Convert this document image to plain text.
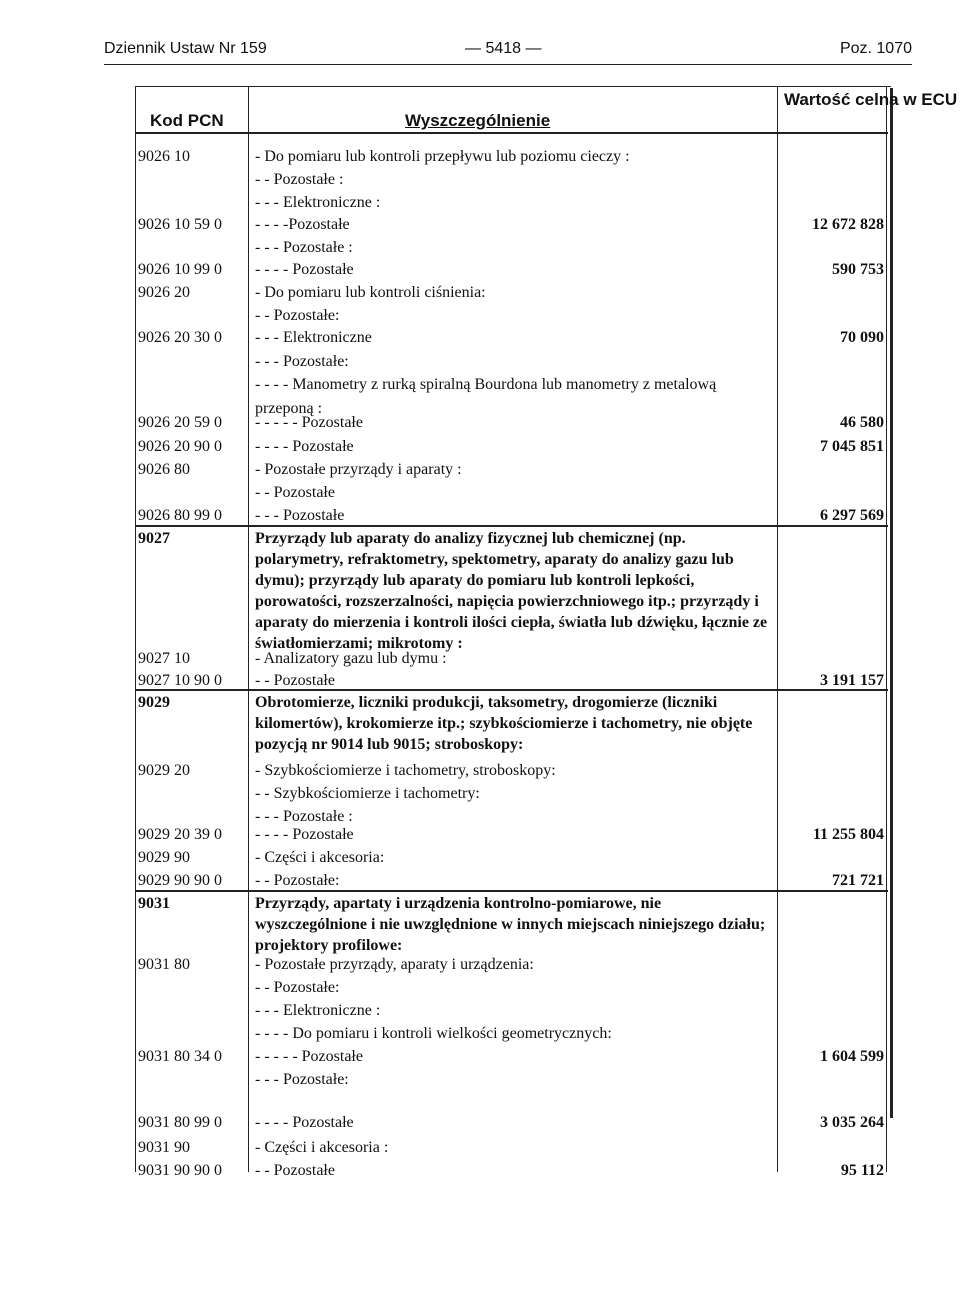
Dziennik Ustaw Nr 159	— 5418 —	Poz. 1070
Kod PCN	Wyszczególnienie
Wartość celna w ECU
9026 10	- Do pomiaru lub kontroli przepływu lub poziomu cieczy :
- - Pozostałe :
- - - Elektroniczne :
9026 10 59 0 - - - -Pozostałe	12 672 828
- - - Pozostałe :
9026 10 99 0 - - - - Pozostałe	590 753
9026 20	- Do pomiaru lub kontroli ciśnienia:
- - Pozostałe:
9026 20 30 0 - - - Elektroniczne	70 090
- - - Pozostałe:
- - - - Manometry z rurką spiralną Bourdona lub manometry z metalową
przeponą :
9026 20 59 0 - - - - - Pozostałe	46 580
9026 20 90 0 - - - - Pozostałe	7 045 851
9026 80	- Pozostałe przyrządy i aparaty :
- - Pozostałe
9026 80 99 0 - - - Pozostałe	6 297 569
9027	Przyrządy lub aparaty do analizy fizycznej lub chemicznej (np. polarymetry, refraktometry, spektometry, aparaty do analizy gazu lub dymu); przyrządy lub aparaty do pomiaru lub kontroli lepkości, porowatości, rozszerzalności, napięcia powierzchniowego itp.; przyrządy i aparaty do mierzenia i kontroli ilości ciepła, światła lub dźwięku, łącznie ze światłomierzami; mikrotomy :
9027 10	- Analizatory gazu lub dymu :
9027 10 90 0 - - Pozostałe	3 191 157
9029	Obrotomierze, liczniki produkcji, taksometry, drogomierze (liczniki kilomertów), krokomierze itp.; szybkościomierze i tachometry, nie objęte pozycją nr 9014 lub 9015; stroboskopy:
9029 20	- Szybkościomierze i tachometry, stroboskopy:
- - Szybkościomierze i tachometry:
- - - Pozostałe :
9029 20 39 0 - - - - Pozostałe	11 255 804
9029 90	- Części i akcesoria:
9029 90 90 0 - - Pozostałe:	721 721
9031	Przyrządy, apartaty i urządzenia kontrolno-pomiarowe, nie wyszczególnione i nie uwzględnione w innych miejscach niniejszego działu; projektory profilowe:
9031 80	- Pozostałe przyrządy, aparaty i urządzenia:
- - Pozostałe:
- - - Elektroniczne :
- - - - Do pomiaru i kontroli wielkości geometrycznych:
9031 80 34 0 - - - - - Pozostałe	1 604 599
- - - Pozostałe:
9031 80 99 0 - - - - Pozostałe	3 035 264
9031 90	- Części i akcesoria :
9031 90 90 0 - - Pozostałe	95 112
